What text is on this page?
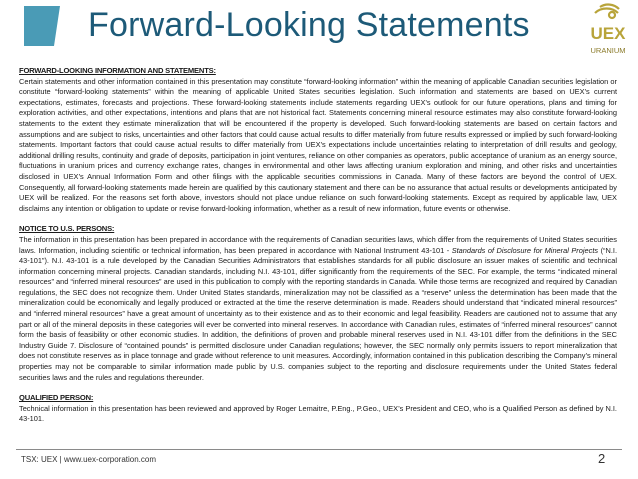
Forward-Looking Statements	UEX
URANIUM
FORWARD-LOOKING INFORMATION AND STATEMENTS:

Certain statements and other information contained in this presentation may constitute “forward-looking information” within the meaning of applicable Canadian securities legislation or constitute “forward-looking statements” within the meaning of applicable United States securities legislation. Such information and statements are based on UEX’s current expectations, estimates, forecasts and projections. These forward-looking statements include statements regarding UEX’s outlook for our future operations, plans and timing for exploration activities, and other expectations, intentions and plans that are not historical fact. Statements concerning mineral resource estimates may also constitute forward-looking statements to the extent they estimate mineralization that will be encountered if the property is developed. Such forward-looking statements are based on certain factors and assumptions and are subject to risks, uncertainties and other factors that could cause actual results to differ materially from future results expressed or implied by such forward-looking statements. Important factors that could cause actual results to differ materially from UEX’s expectations include uncertainties relating to interpretation of drill results and geology, additional drilling results, continuity and grade of deposits, participation in joint ventures, reliance on other companies as operators, public acceptance of uranium as an energy source, fluctuations in uranium prices and currency exchange rates, changes in environmental and other laws affecting uranium exploration and mining, and other risks and uncertainties disclosed in UEX’s Annual Information Form and other filings with the applicable securities commissions in Canada. Many of these factors are beyond the control of UEX. Consequently, all forward-looking statements made herein are qualified by this cautionary statement and there can be no assurance that actual results or developments anticipated by UEX will be realized. For the reasons set forth above, investors should not place undue reliance on such forward-looking statements. Except as required by applicable law, UEX disclaims any intention or obligation to update or revise forward-looking information, whether as a result of new information, future events or otherwise.

NOTICE TO U.S. PERSONS:

The information in this presentation has been prepared in accordance with the requirements of Canadian securities laws, which differ from the requirements of United States securities laws. Information, including scientific or technical information, has been prepared in accordance with National Instrument 43-101 - Standards of Disclosure for Mineral Projects (“N.I. 43-101”). N.I. 43-101 is a rule developed by the Canadian Securities Administrators that establishes standards for all public disclosure an issuer makes of scientific and technical information concerning mineral projects. Canadian standards, including N.I. 43-101, differ significantly from the requirements of the SEC. For example, the terms “indicated mineral resources” and “inferred mineral resources” are used in this publication to comply with the reporting standards in Canada. While those terms are recognized and required by Canadian regulations, the SEC does not recognize them. Under United States standards, mineralization may not be classified as a “reserve” unless the determination has been made that the mineralization could be economically and legally produced or extracted at the time the reserve determination is made. Readers should understand that “indicated mineral resources” and “inferred mineral resources” have a great amount of uncertainty as to their existence and as to their economic and legal feasibility. Readers are cautioned not to assume that any part or all of the mineral deposits in these categories will ever be converted into mineral reserves. In accordance with Canadian rules, estimates of “inferred mineral resources” cannot form the basis of feasibility or other economic studies. In addition, the definitions of proven and probable mineral reserves used in N.I. 43-101 differ from the definitions in the SEC Industry Guide 7. Disclosure of “contained pounds” is permitted disclosure under Canadian regulations; however, the SEC normally only permits issuers to report mineralization that does not constitute reserves as in place tonnage and grade without reference to unit measures. Accordingly, information contained in this publication describing the Company’s mineral properties may not be comparable to similar information made public by U.S. companies subject to the reporting and disclosure requirements under the United States federal securities laws and the rules and regulations thereunder.

QUALIFIED PERSON:

Technical information in this presentation has been reviewed and approved by Roger Lemaitre, P.Eng., P.Geo., UEX’s President and CEO, who is a Qualified Person as defined by N.I. 43-101.

TSX: UEX | www.uex-corporation.com	2
